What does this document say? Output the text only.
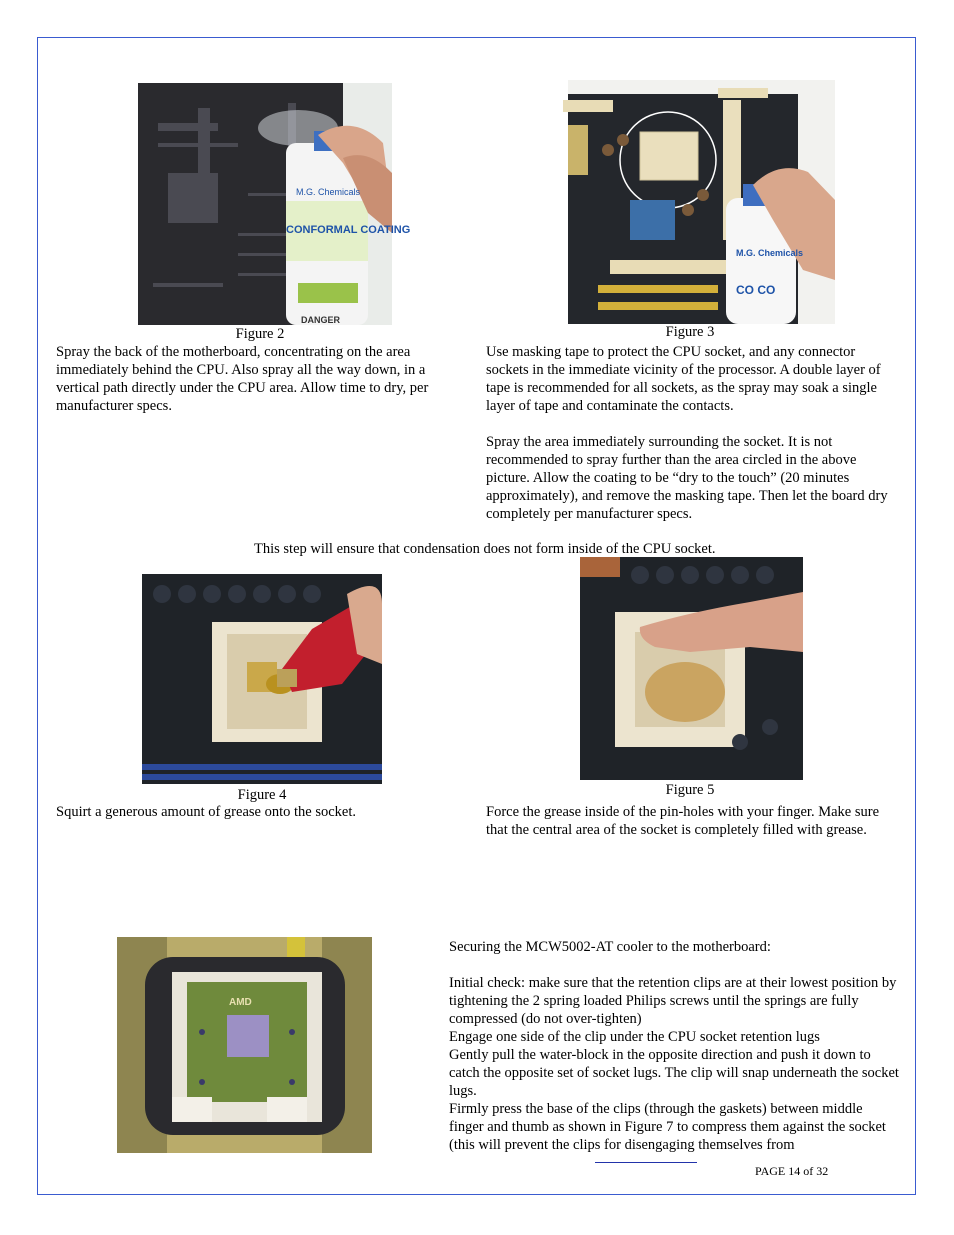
M.G. Chemicals
CONFORMAL COATING
DANGER
M.G. Chemicals
CO CO
Figure 2	Figure 3
Spray the back of the motherboard, concentrating on the area immediately behind the CPU. Also spray all the way down, in a vertical path directly under the CPU area. Allow time to dry, per manufacturer specs.
Use masking tape to protect the CPU socket, and any connector sockets in the immediate vicinity of the processor. A double layer of tape is recommended for all sockets, as the spray may soak a single layer of tape and contaminate the contacts.
Spray the area immediately surrounding the socket. It is not recommended to spray further than the area circled in the above picture. Allow the coating to be “dry to the touch” (20 minutes approximately), and remove the masking tape. Then let the board dry completely per manufacturer specs.
This step will ensure that condensation does not form inside of the CPU socket.
Figure 4	Figure 5
Squirt a generous amount of grease onto the socket.	Force the grease inside of the pin-holes with your finger. Make sure that the central area of the socket is completely filled with grease.
AMD
Securing the MCW5002-AT cooler to the motherboard:
Initial check: make sure that the retention clips are at their lowest position by tightening the 2 spring loaded Philips screws until the springs are fully compressed (do not over-tighten)
Engage one side of the clip under the CPU socket retention lugs
Gently pull the water-block in the opposite direction and push it down to catch the opposite set of socket lugs. The clip will snap underneath the socket lugs.
Firmly press the base of the clips (through the gaskets) between middle finger and thumb as shown in Figure 7 to compress them against the socket (this will prevent the clips for disengaging themselves from
PAGE 14 of 32
